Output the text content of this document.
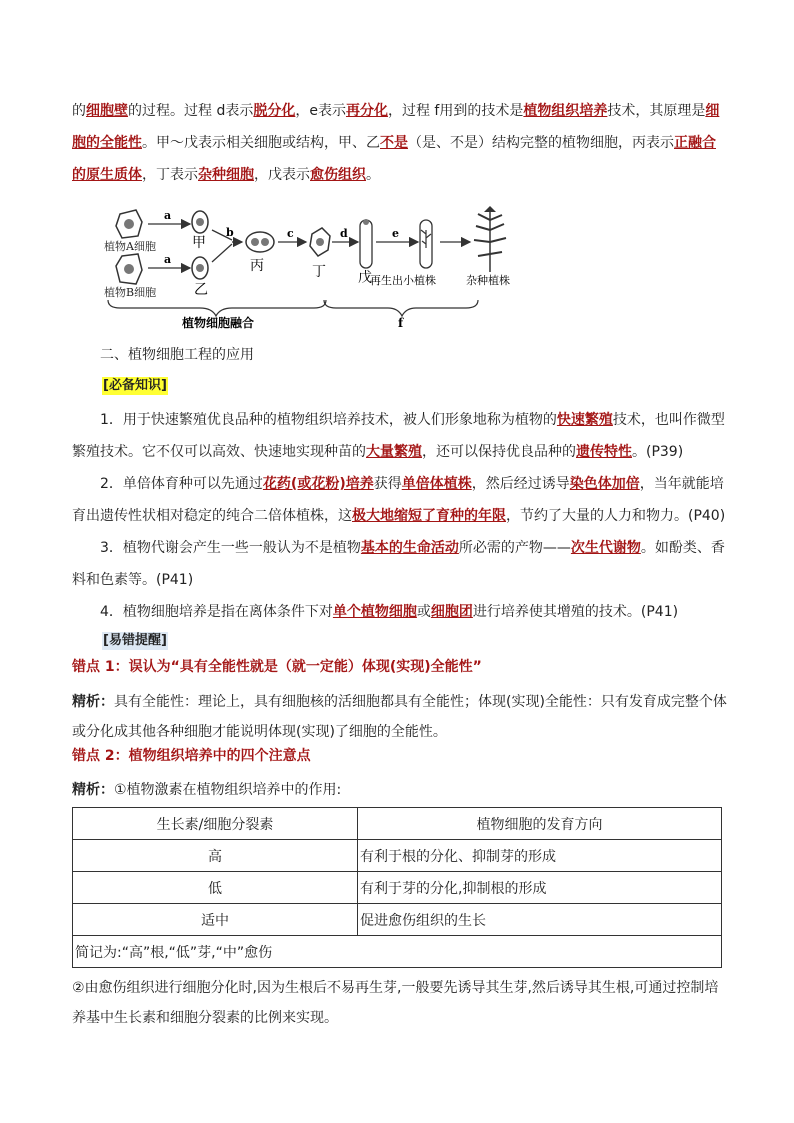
的细胞壁的过程。过程 d表示脱分化，e表示再分化，过程 f用到的技术是植物组织培养技术，其原理是细
胞的全能性。甲～戊表示相关细胞或结构，甲、乙不是（是、不是）结构完整的植物细胞，丙表示正融合
的原生质体，丁表示杂种细胞，戊表示愈伤组织。
植物A细胞
植物B细胞
a
a
甲
乙
b
丙
c
丁
d
戊
e
再生出小植株	杂种植株
植物细胞融合	f
二、植物细胞工程的应用
[必备知识]
1．用于快速繁殖优良品种的植物组织培养技术，被人们形象地称为植物的快速繁殖技术，也叫作微型
繁殖技术。它不仅可以高效、快速地实现种苗的大量繁殖，还可以保持优良品种的遗传特性。(P39)
2．单倍体育种可以先通过花药(或花粉)培养获得单倍体植株，然后经过诱导染色体加倍，当年就能培
育出遗传性状相对稳定的纯合二倍体植株，这极大地缩短了育种的年限，节约了大量的人力和物力。(P40)
3．植物代谢会产生一些一般认为不是植物基本的生命活动所必需的产物——次生代谢物。如酚类、香
料和色素等。(P41)
4．植物细胞培养是指在离体条件下对单个植物细胞或细胞团进行培养使其增殖的技术。(P41)
[易错提醒]
错点 1：误认为“具有全能性就是（就一定能）体现(实现)全能性”
精析：具有全能性：理论上，具有细胞核的活细胞都具有全能性；体现(实现)全能性：只有发育成完整个体
或分化成其他各种细胞才能说明体现(实现)了细胞的全能性。
错点 2：植物组织培养中的四个注意点
精析：①植物激素在植物组织培养中的作用:
生长素/细胞分裂素	植物细胞的发育方向
高	有利于根的分化、抑制芽的形成
低	有利于芽的分化,抑制根的形成
适中	促进愈伤组织的生长
简记为:“高”根,“低”芽,“中”愈伤	
②由愈伤组织进行细胞分化时,因为生根后不易再生芽,一般要先诱导其生芽,然后诱导其生根,可通过控制培
养基中生长素和细胞分裂素的比例来实现。
